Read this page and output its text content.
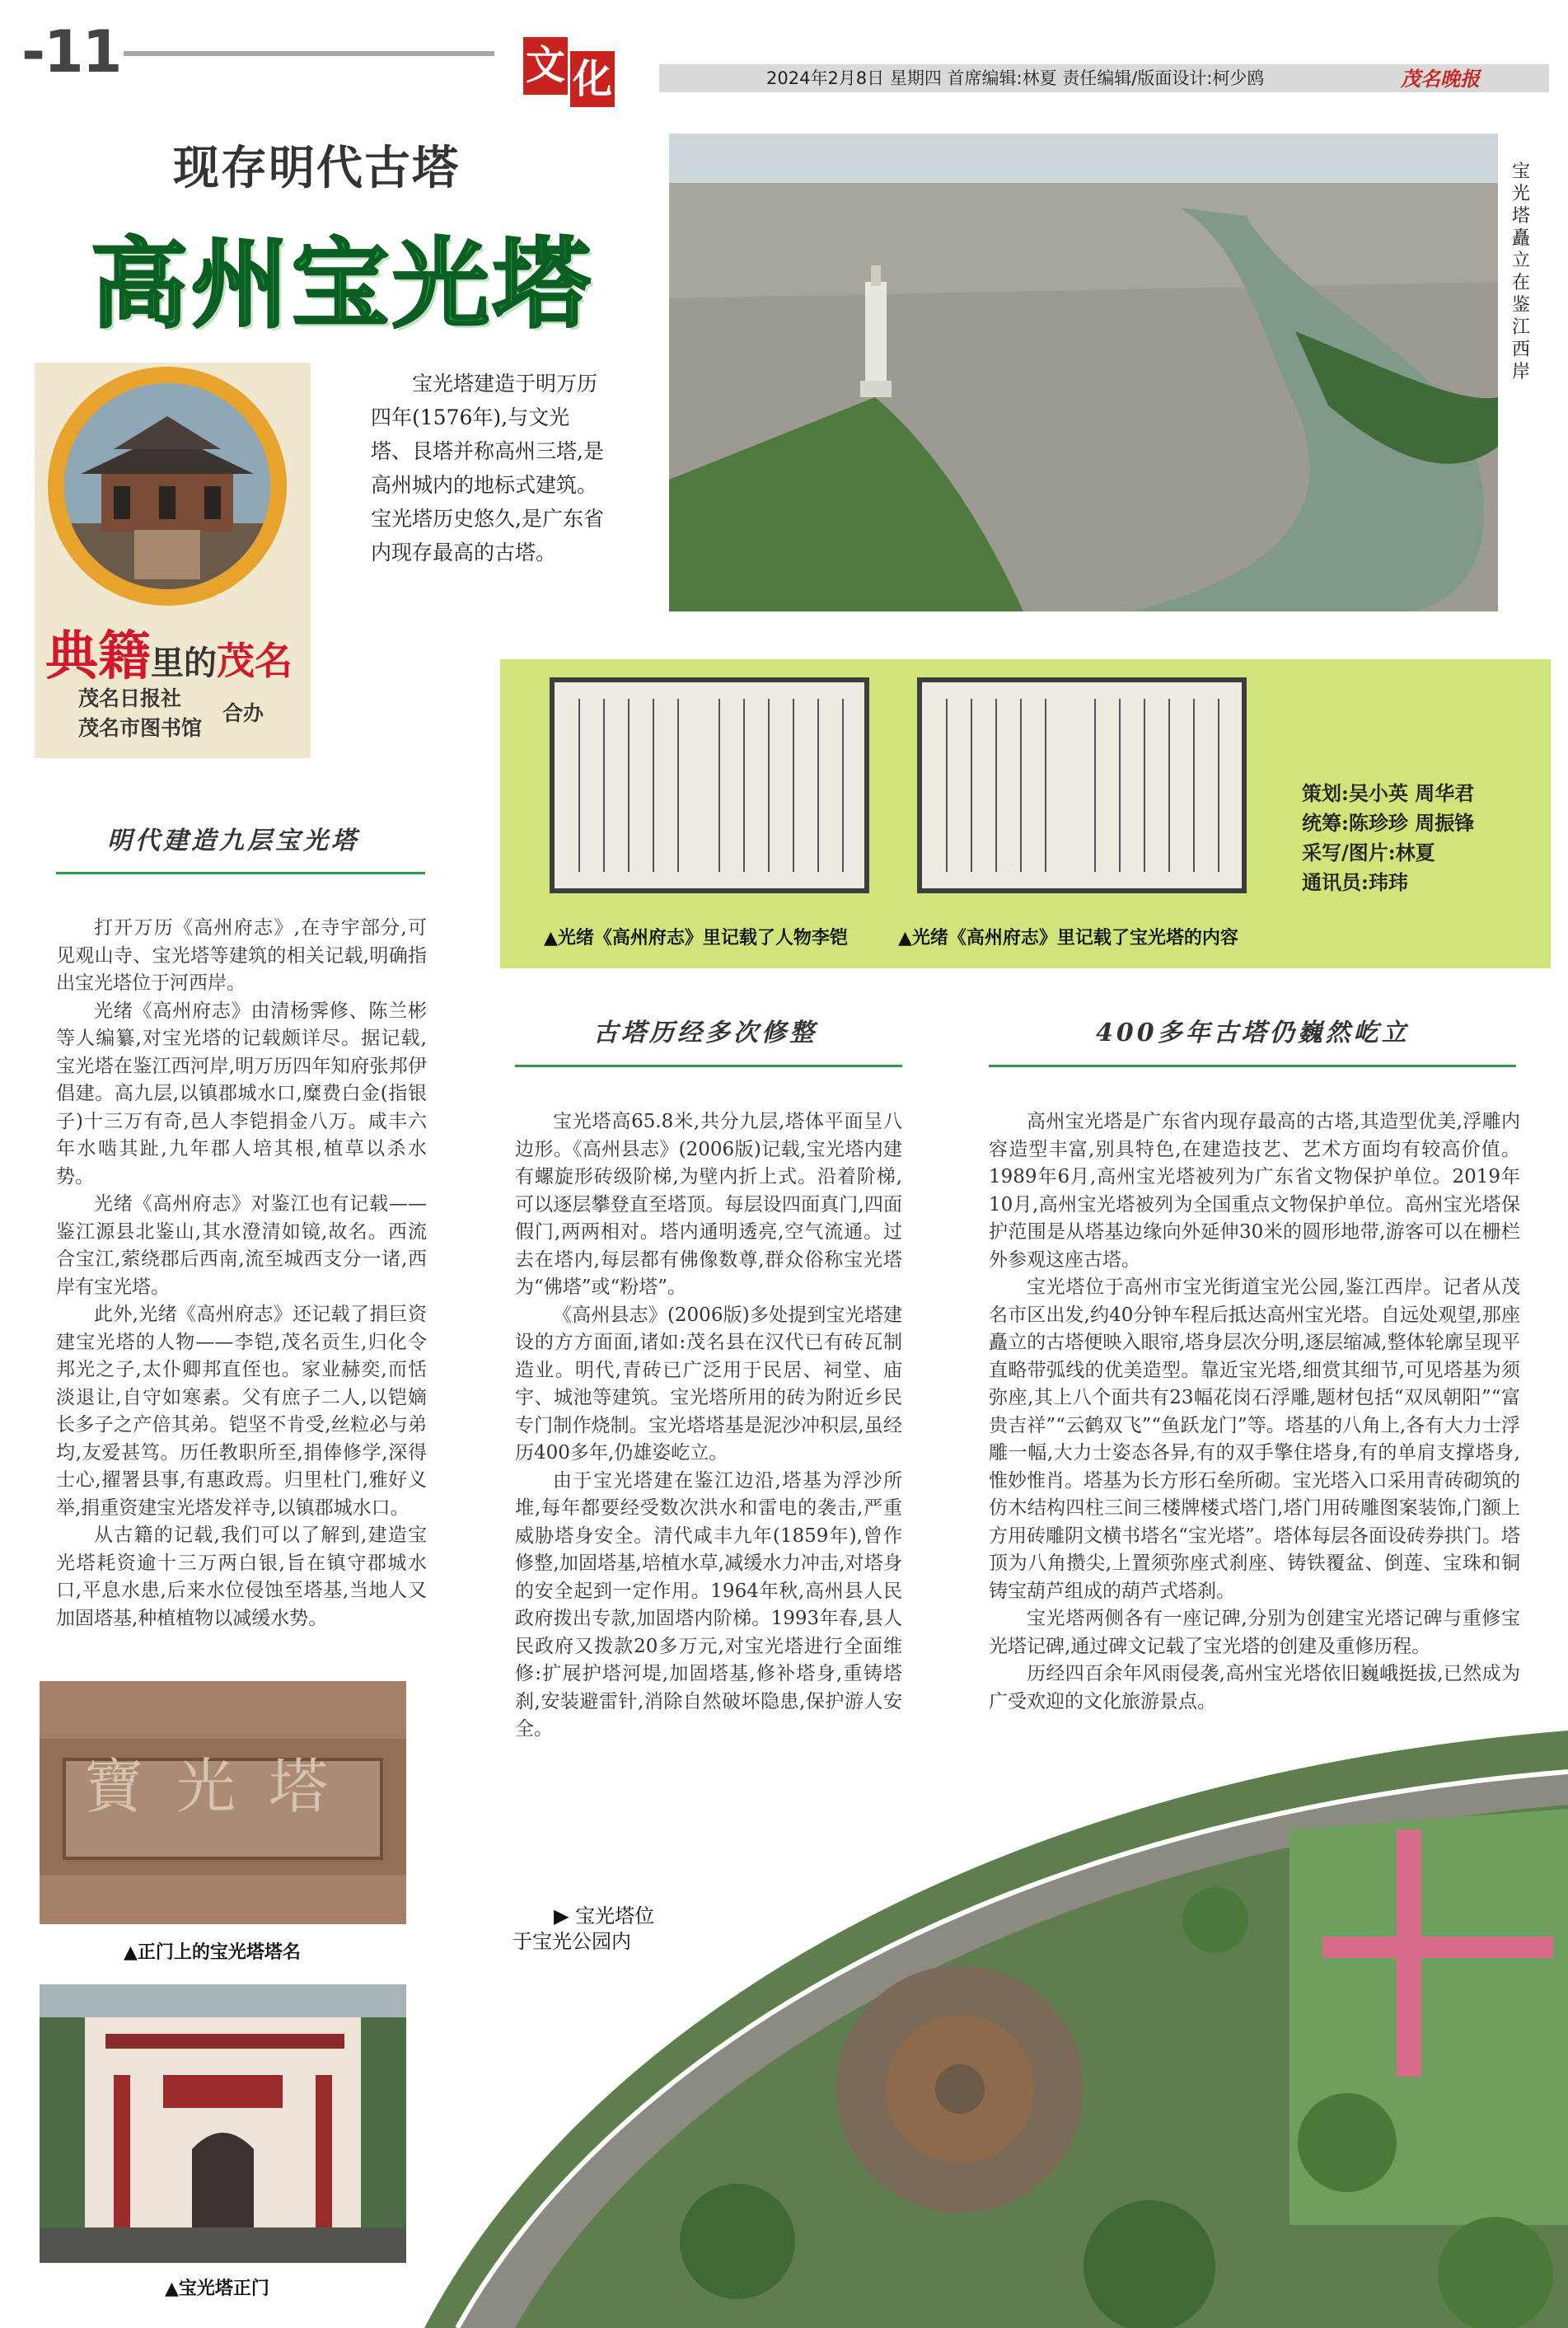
-11	文 化	2024年2月8日 星期四 首席编辑:林夏 责任编辑/版面设计:柯少鸥	茂名晚报
现存明代古塔
高州宝光塔
典籍里的茂名
茂名日报社
茂名市图书馆
合办
宝光塔建造于明万历四年(1576年),与文光塔、艮塔并称高州三塔,是高州城内的地标式建筑。宝光塔历史悠久,是广东省内现存最高的古塔。
宝光塔矗立在鉴江西岸
策划:吴小英 周华君
统筹:陈珍珍 周振锋
采写/图片:林夏
通讯员:玮玮
▲光绪《高州府志》里记载了人物李铠	▲光绪《高州府志》里记载了宝光塔的内容
明代建造九层宝光塔

打开万历《高州府志》,在寺宇部分,可见观山寺、宝光塔等建筑的相关记载,明确指出宝光塔位于河西岸。

光绪《高州府志》由清杨霁修、陈兰彬等人编纂,对宝光塔的记载颇详尽。据记载,宝光塔在鉴江西河岸,明万历四年知府张邦伊倡建。高九层,以镇郡城水口,糜费白金(指银子)十三万有奇,邑人李铠捐金八万。咸丰六年水啮其趾,九年郡人培其根,植草以杀水势。

光绪《高州府志》对鉴江也有记载——鉴江源县北鉴山,其水澄清如镜,故名。西流合宝江,萦绕郡后西南,流至城西支分一诸,西岸有宝光塔。

此外,光绪《高州府志》还记载了捐巨资建宝光塔的人物——李铠,茂名贡生,归化令邦光之子,太仆卿邦直侄也。家业赫奕,而恬淡退让,自守如寒素。父有庶子二人,以铠嫡长多子之产倍其弟。铠坚不肯受,丝粒必与弟均,友爱甚笃。历任教职所至,捐俸修学,深得士心,擢署县事,有惠政焉。归里杜门,雅好义举,捐重资建宝光塔发祥寺,以镇郡城水口。

从古籍的记载,我们可以了解到,建造宝光塔耗资逾十三万两白银,旨在镇守郡城水口,平息水患,后来水位侵蚀至塔基,当地人又加固塔基,种植植物以减缓水势。

古塔历经多次修整

宝光塔高65.8米,共分九层,塔体平面呈八边形。《高州县志》(2006版)记载,宝光塔内建有螺旋形砖级阶梯,为壁内折上式。沿着阶梯,可以逐层攀登直至塔顶。每层设四面真门,四面假门,两两相对。塔内通明透亮,空气流通。过去在塔内,每层都有佛像数尊,群众俗称宝光塔为“佛塔”或“粉塔”。

《高州县志》(2006版)多处提到宝光塔建设的方方面面,诸如:茂名县在汉代已有砖瓦制造业。明代,青砖已广泛用于民居、祠堂、庙宇、城池等建筑。宝光塔所用的砖为附近乡民专门制作烧制。宝光塔塔基是泥沙冲积层,虽经历400多年,仍雄姿屹立。

由于宝光塔建在鉴江边沿,塔基为浮沙所堆,每年都要经受数次洪水和雷电的袭击,严重威胁塔身安全。清代咸丰九年(1859年),曾作修整,加固塔基,培植水草,减缓水力冲击,对塔身的安全起到一定作用。1964年秋,高州县人民政府拨出专款,加固塔内阶梯。1993年春,县人民政府又拨款20多万元,对宝光塔进行全面维修:扩展护塔河堤,加固塔基,修补塔身,重铸塔刹,安装避雷针,消除自然破坏隐患,保护游人安全。

400多年古塔仍巍然屹立

高州宝光塔是广东省内现存最高的古塔,其造型优美,浮雕内容造型丰富,别具特色,在建造技艺、艺术方面均有较高价值。1989年6月,高州宝光塔被列为广东省文物保护单位。2019年10月,高州宝光塔被列为全国重点文物保护单位。高州宝光塔保护范围是从塔基边缘向外延伸30米的圆形地带,游客可以在栅栏外参观这座古塔。

宝光塔位于高州市宝光街道宝光公园,鉴江西岸。记者从茂名市区出发,约40分钟车程后抵达高州宝光塔。自远处观望,那座矗立的古塔便映入眼帘,塔身层次分明,逐层缩减,整体轮廓呈现平直略带弧线的优美造型。靠近宝光塔,细赏其细节,可见塔基为须弥座,其上八个面共有23幅花岗石浮雕,题材包括“双凤朝阳”“富贵吉祥”“云鹤双飞”“鱼跃龙门”等。塔基的八角上,各有大力士浮雕一幅,大力士姿态各异,有的双手擎住塔身,有的单肩支撑塔身,惟妙惟肖。塔基为长方形石垒所砌。宝光塔入口采用青砖砌筑的仿木结构四柱三间三楼牌楼式塔门,塔门用砖雕图案装饰,门额上方用砖雕阴文横书塔名“宝光塔”。塔体每层各面设砖券拱门。塔顶为八角攒尖,上置须弥座式刹座、铸铁覆盆、倒莲、宝珠和铜铸宝葫芦组成的葫芦式塔刹。

宝光塔两侧各有一座记碑,分别为创建宝光塔记碑与重修宝光塔记碑,通过碑文记载了宝光塔的创建及重修历程。

历经四百余年风雨侵袭,高州宝光塔依旧巍峨挺拔,已然成为广受欢迎的文化旅游景点。

寶光塔
▲正门上的宝光塔塔名
▲宝光塔正门
▶ 宝光塔位
于宝光公园内
